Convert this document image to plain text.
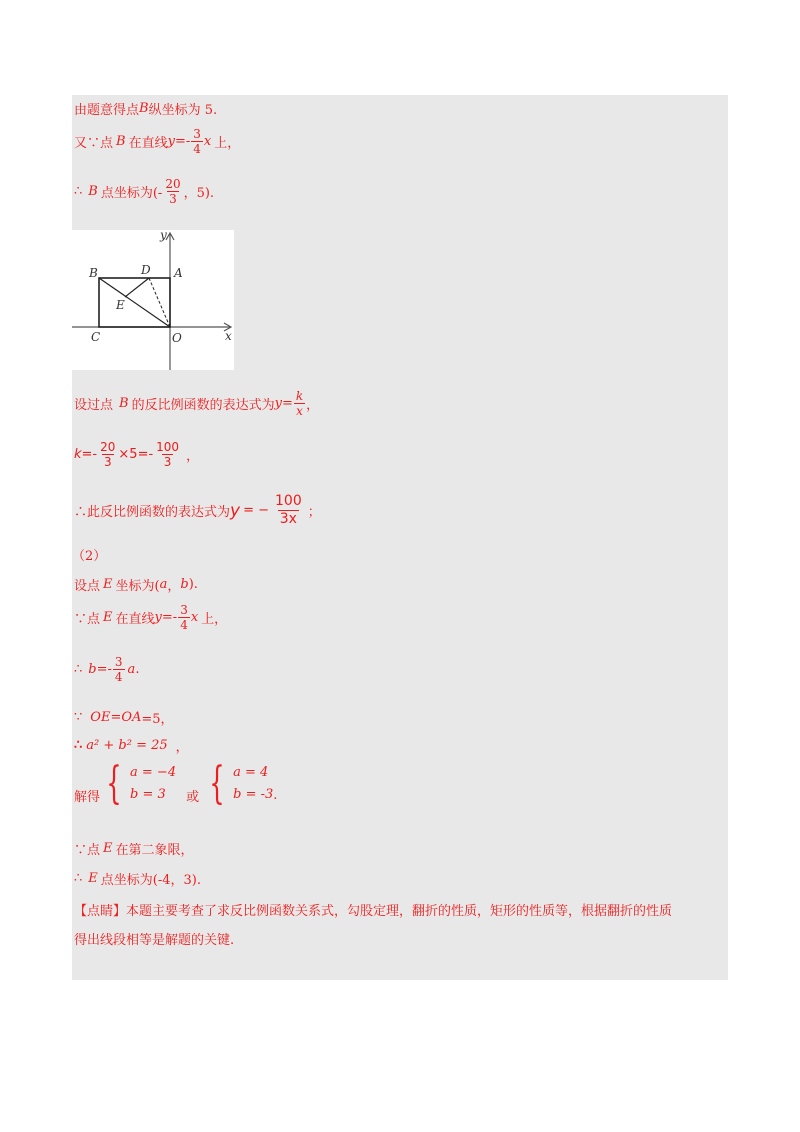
由题意得点 B 纵坐标为 5.
又∵点 B 在直线 $y =- \frac{3}{4}$ x 上，
∴ B 点坐标为(- $\frac{20}{3}$ ，5).
y
x
B	D A
E
C	O
设过点 B 的反比例函数的表达式为 $y = \frac{k}{x}$ ，
$k =- \frac{20}{3} \times 5=- \frac{100}{3}$ ，
∴此反比例函数的表达式为 y = − $\frac{100}{3x}$ ；
（2）
设点 E 坐标为( a ， b ).
∵点 E 在直线 $y =- \frac{3}{4}$ x 上，
∴ $b =- \frac{3}{4}$ a .
∵ OE = OA =5，
∴ a² + b² = 25 ，
解得 { a = −4
b = 3	或 { a = 4
b = -3 .
∵点 E 在第二象限，
∴ E 点坐标为(-4，3).
【点睛】本题主要考查了求反比例函数关系式，勾股定理，翻折的性质，矩形的性质等，根据翻折的性质
得出线段相等是解题的关键.
